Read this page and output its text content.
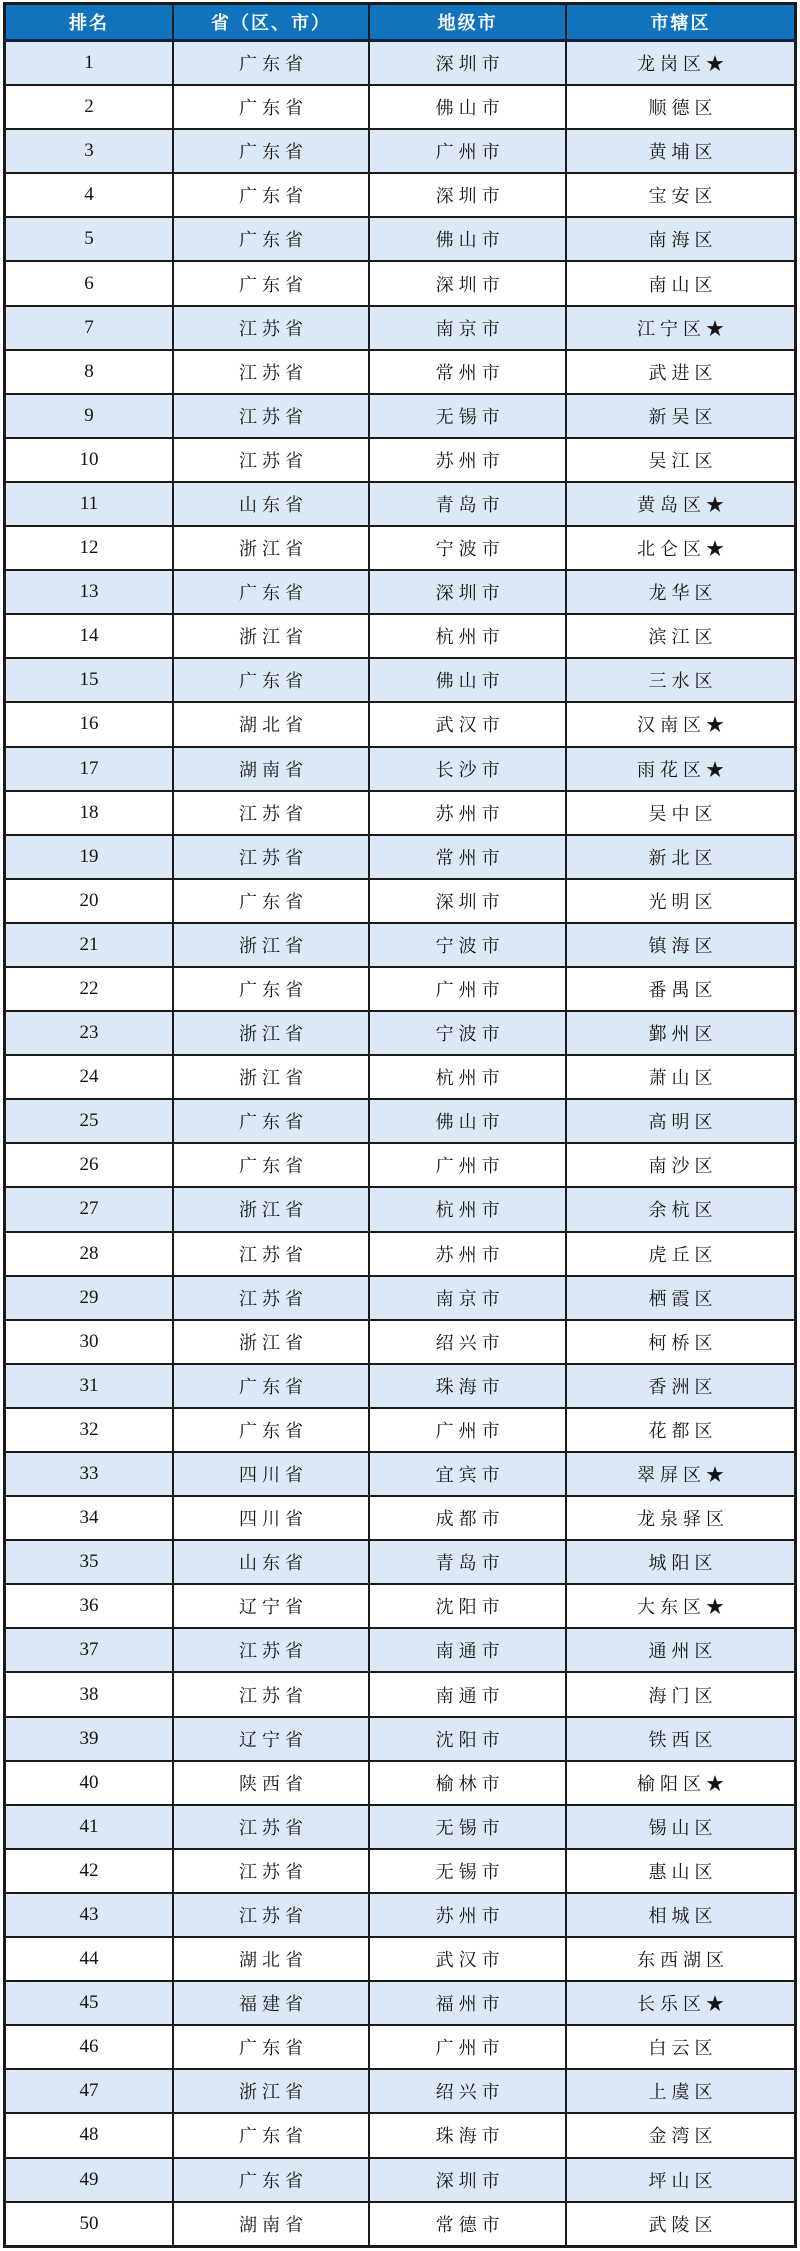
排名	省（区、市）	地级市	市辖区
1	广东省	深圳市	龙岗区★
2	广东省	佛山市	顺德区
3	广东省	广州市	黄埔区
4	广东省	深圳市	宝安区
5	广东省	佛山市	南海区
6	广东省	深圳市	南山区
7	江苏省	南京市	江宁区★
8	江苏省	常州市	武进区
9	江苏省	无锡市	新吴区
10	江苏省	苏州市	吴江区
11	山东省	青岛市	黄岛区★
12	浙江省	宁波市	北仑区★
13	广东省	深圳市	龙华区
14	浙江省	杭州市	滨江区
15	广东省	佛山市	三水区
16	湖北省	武汉市	汉南区★
17	湖南省	长沙市	雨花区★
18	江苏省	苏州市	吴中区
19	江苏省	常州市	新北区
20	广东省	深圳市	光明区
21	浙江省	宁波市	镇海区
22	广东省	广州市	番禺区
23	浙江省	宁波市	鄞州区
24	浙江省	杭州市	萧山区
25	广东省	佛山市	高明区
26	广东省	广州市	南沙区
27	浙江省	杭州市	余杭区
28	江苏省	苏州市	虎丘区
29	江苏省	南京市	栖霞区
30	浙江省	绍兴市	柯桥区
31	广东省	珠海市	香洲区
32	广东省	广州市	花都区
33	四川省	宜宾市	翠屏区★
34	四川省	成都市	龙泉驿区
35	山东省	青岛市	城阳区
36	辽宁省	沈阳市	大东区★
37	江苏省	南通市	通州区
38	江苏省	南通市	海门区
39	辽宁省	沈阳市	铁西区
40	陕西省	榆林市	榆阳区★
41	江苏省	无锡市	锡山区
42	江苏省	无锡市	惠山区
43	江苏省	苏州市	相城区
44	湖北省	武汉市	东西湖区
45	福建省	福州市	长乐区★
46	广东省	广州市	白云区
47	浙江省	绍兴市	上虞区
48	广东省	珠海市	金湾区
49	广东省	深圳市	坪山区
50	湖南省	常德市	武陵区
